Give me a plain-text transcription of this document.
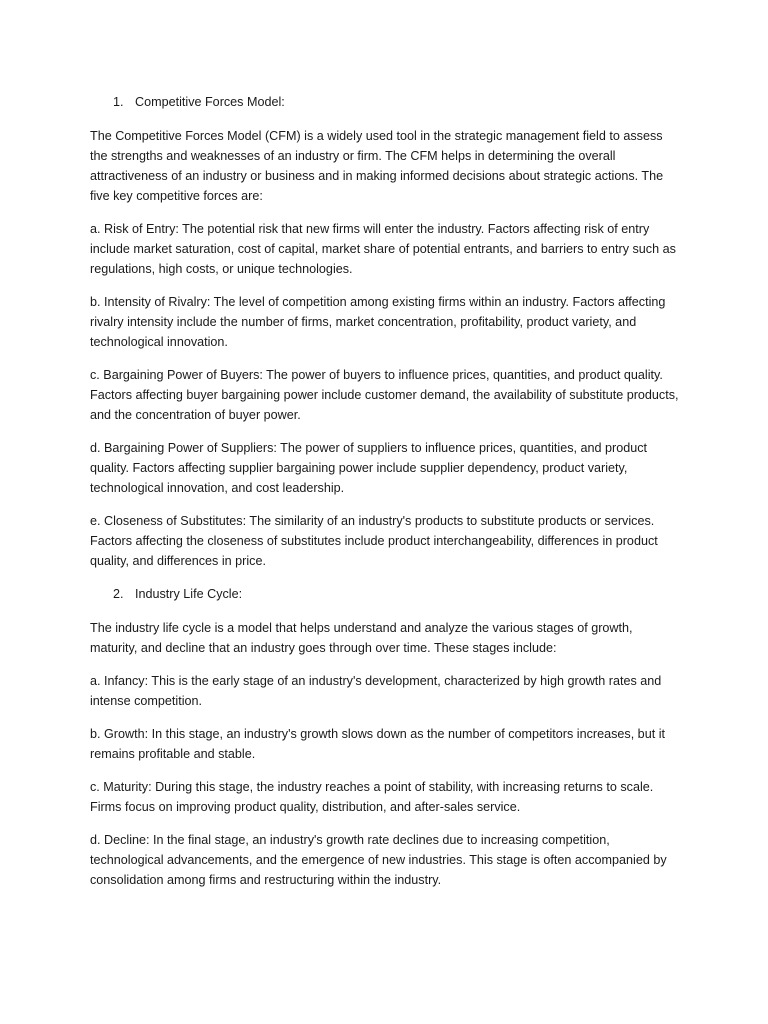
1. Competitive Forces Model:

The Competitive Forces Model (CFM) is a widely used tool in the strategic management field to assess the strengths and weaknesses of an industry or firm. The CFM helps in determining the overall attractiveness of an industry or business and in making informed decisions about strategic actions. The five key competitive forces are:

a. Risk of Entry: The potential risk that new firms will enter the industry. Factors affecting risk of entry include market saturation, cost of capital, market share of potential entrants, and barriers to entry such as regulations, high costs, or unique technologies.

b. Intensity of Rivalry: The level of competition among existing firms within an industry. Factors affecting rivalry intensity include the number of firms, market concentration, profitability, product variety, and technological innovation.

c. Bargaining Power of Buyers: The power of buyers to influence prices, quantities, and product quality. Factors affecting buyer bargaining power include customer demand, the availability of substitute products, and the concentration of buyer power.

d. Bargaining Power of Suppliers: The power of suppliers to influence prices, quantities, and product quality. Factors affecting supplier bargaining power include supplier dependency, product variety, technological innovation, and cost leadership.

e. Closeness of Substitutes: The similarity of an industry's products to substitute products or services. Factors affecting the closeness of substitutes include product interchangeability, differences in product quality, and differences in price.

2. Industry Life Cycle:

The industry life cycle is a model that helps understand and analyze the various stages of growth, maturity, and decline that an industry goes through over time. These stages include:

a. Infancy: This is the early stage of an industry's development, characterized by high growth rates and intense competition.

b. Growth: In this stage, an industry's growth slows down as the number of competitors increases, but it remains profitable and stable.

c. Maturity: During this stage, the industry reaches a point of stability, with increasing returns to scale. Firms focus on improving product quality, distribution, and after-sales service.

d. Decline: In the final stage, an industry's growth rate declines due to increasing competition, technological advancements, and the emergence of new industries. This stage is often accompanied by consolidation among firms and restructuring within the industry.
